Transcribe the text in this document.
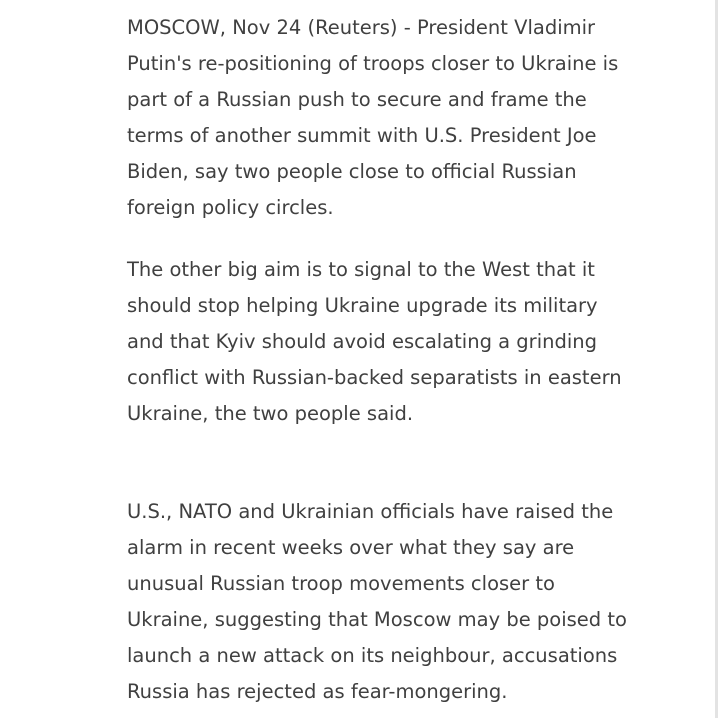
MOSCOW, Nov 24 (Reuters) - President Vladimir
Putin's re-positioning of troops closer to Ukraine is
part of a Russian push to secure and frame the
terms of another summit with U.S. President Joe
Biden, say two people close to official Russian
foreign policy circles.

The other big aim is to signal to the West that it
should stop helping Ukraine upgrade its military
and that Kyiv should avoid escalating a grinding
conflict with Russian-backed separatists in eastern
Ukraine, the two people said.

U.S., NATO and Ukrainian officials have raised the
alarm in recent weeks over what they say are
unusual Russian troop movements closer to
Ukraine, suggesting that Moscow may be poised to
launch a new attack on its neighbour, accusations
Russia has rejected as fear-mongering.
